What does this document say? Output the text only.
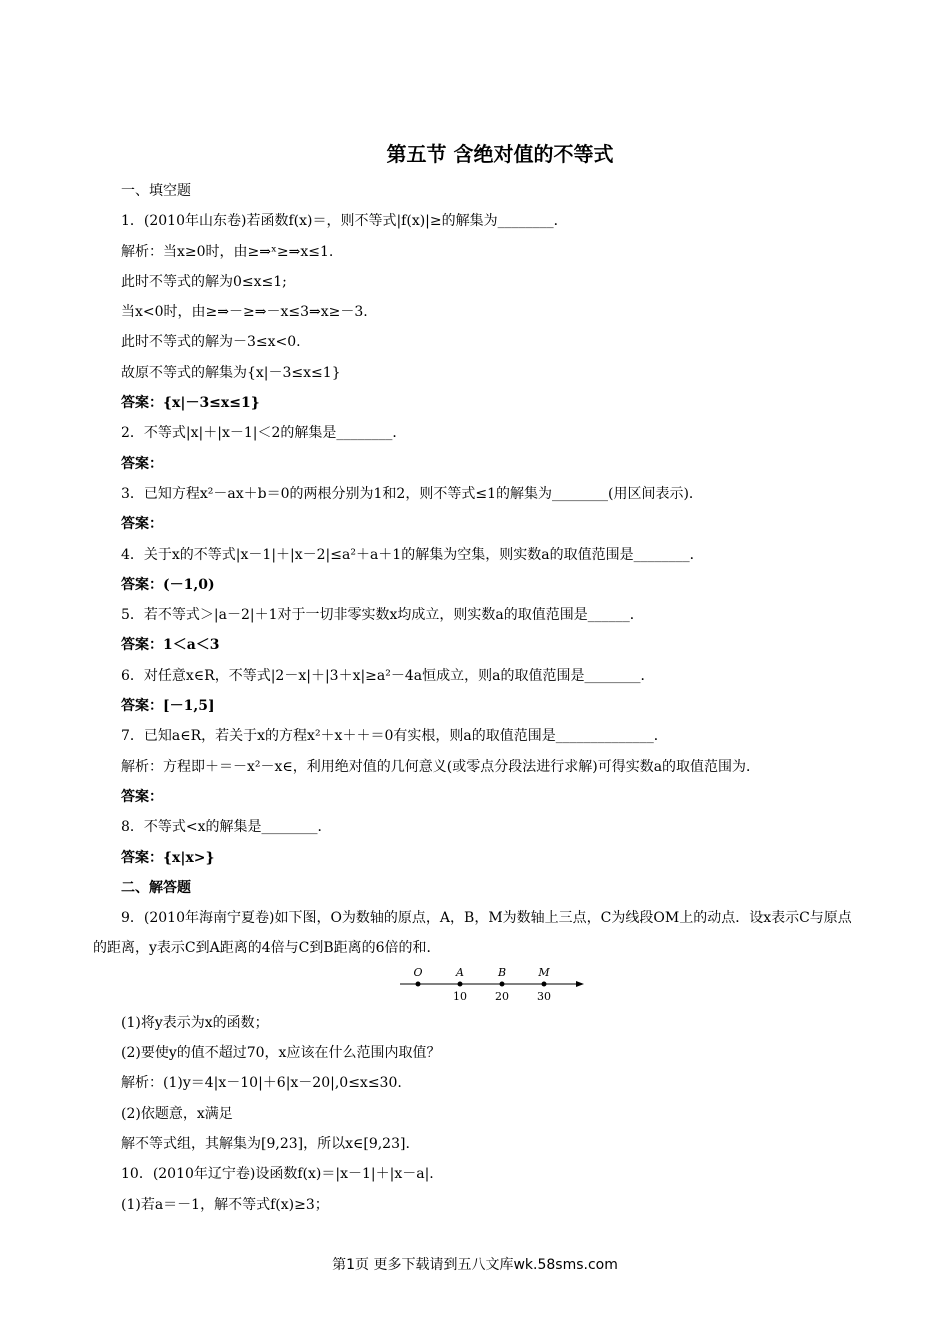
第五节 含绝对值的不等式
一、填空题
1．(2010年山东卷)若函数f(x)＝，则不等式|f(x)|≥的解集为________．
解析：当x≥0时，由≥⇒ˣ≥⇒x≤1.
此时不等式的解为0≤x≤1;
当x<0时，由≥⇒－≥⇒－x≤3⇒x≥－3.
此时不等式的解为－3≤x<0.
故原不等式的解集为{x|－3≤x≤1}
答案：{x|－3≤x≤1}
2．不等式|x|＋|x－1|＜2的解集是________．
答案：
3．已知方程x²－ax＋b＝0的两根分别为1和2，则不等式≤1的解集为________(用区间表示)．
答案：
4．关于x的不等式|x－1|＋|x－2|≤a²＋a＋1的解集为空集，则实数a的取值范围是________．
答案：(－1,0)
5．若不等式＞|a－2|＋1对于一切非零实数x均成立，则实数a的取值范围是______．
答案：1＜a＜3
6．对任意x∈R，不等式|2－x|＋|3＋x|≥a²－4a恒成立，则a的取值范围是________．
答案：[－1,5]
7．已知a∈R，若关于x的方程x²＋x＋＋＝0有实根，则a的取值范围是______________．
解析：方程即＋＝－x²－x∈，利用绝对值的几何意义(或零点分段法进行求解)可得实数a的取值范围为．
答案：
8．不等式<x的解集是________．
答案：{x|x>}
二、解答题
9．(2010年海南宁夏卷)如下图，O为数轴的原点，A，B，M为数轴上三点，C为线段OM上的动点．设x表示C与原点的距离，y表示C到A距离的4倍与C到B距离的6倍的和．
O	A	B	M
10	20	30
(1)将y表示为x的函数；
(2)要使y的值不超过70，x应该在什么范围内取值？
解析：(1)y＝4|x－10|＋6|x－20|,0≤x≤30.
(2)依题意，x满足
解不等式组，其解集为[9,23]，所以x∈[9,23].
10．(2010年辽宁卷)设函数f(x)＝|x－1|＋|x－a|.
(1)若a＝－1，解不等式f(x)≥3；
第1页 更多下载请到五八文库wk.58sms.com
